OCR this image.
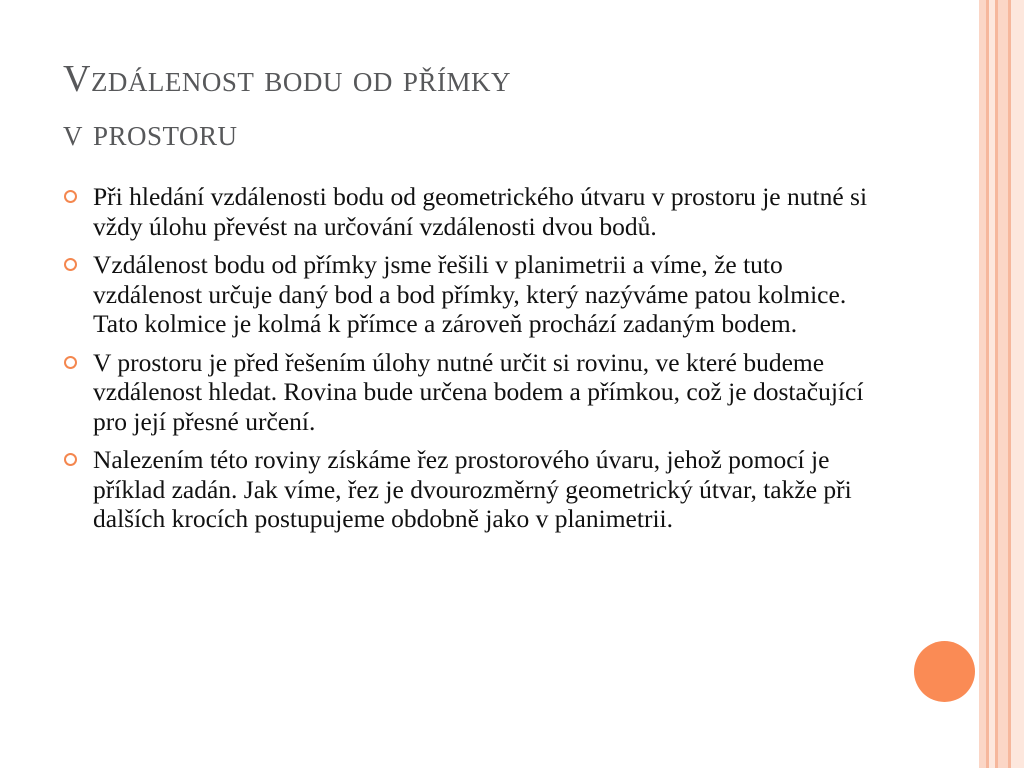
Vzdálenost bodu od přímky
v prostoru
Při hledání vzdálenosti bodu od geometrického útvaru v prostoru je nutné si vždy úlohu převést na určování vzdálenosti dvou bodů.
Vzdálenost bodu od přímky jsme řešili v planimetrii a víme, že tuto vzdálenost určuje daný bod a bod přímky, který nazýváme patou kolmice. Tato kolmice je kolmá k přímce a zároveň prochází zadaným bodem.
V prostoru je před řešením úlohy nutné určit si rovinu, ve které budeme vzdálenost hledat. Rovina bude určena bodem a přímkou, což je dostačující pro její přesné určení.
Nalezením této roviny získáme řez prostorového úvaru, jehož pomocí je příklad zadán. Jak víme, řez je dvourozměrný geometrický útvar, takže při dalších krocích postupujeme obdobně jako v planimetrii.
